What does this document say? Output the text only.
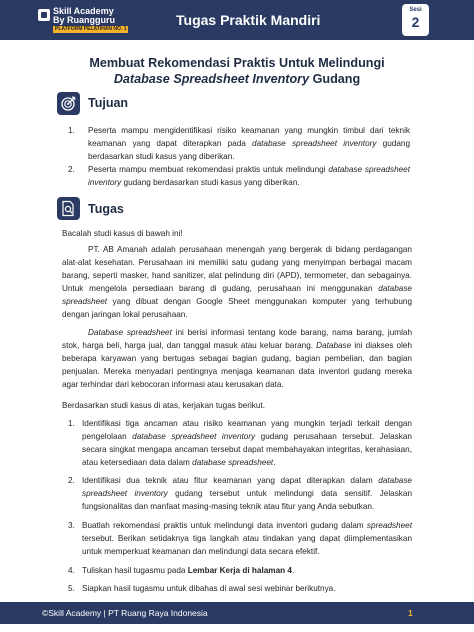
Skill Academy
By Ruangguru
PLATFORM PELATIHAN NO. 1
Tugas Praktik Mandiri
Sesi
2
Membuat Rekomendasi Praktis Untuk Melindungi Database Spreadsheet Inventory Gudang
Tujuan
1. Peserta mampu mengidentifikasi risiko keamanan yang mungkin timbul dari teknik keamanan yang dapat diterapkan pada database spreadsheet inventory gudang berdasarkan studi kasus yang diberikan.
2. Peserta mampu membuat rekomendasi praktis untuk melindungi database spreadsheet inventory gudang berdasarkan studi kasus yang diberikan.
Tugas
Bacalah studi kasus di bawah ini!
PT. AB Amanah adalah perusahaan menengah yang bergerak di bidang perdagangan alat-alat kesehatan. Perusahaan ini memiliki satu gudang yang menyimpan berbagai macam barang, seperti masker, hand sanitizer, alat pelindung diri (APD), termometer, dan sebagainya. Untuk mengelola persediaan barang di gudang, perusahaan ini menggunakan database spreadsheet yang dibuat dengan Google Sheet menggunakan komputer yang terhubung dengan jaringan lokal perusahaan.
Database spreadsheet ini berisi informasi tentang kode barang, nama barang, jumlah stok, harga beli, harga jual, dan tanggal masuk atau keluar barang. Database ini diakses oleh beberapa karyawan yang bertugas sebagai bagian gudang, bagian pembelian, dan bagian penjualan. Mereka menyadari pentingnya menjaga keamanan data inventori gudang mereka agar terhindar dari kebocoran informasi atau kerusakan data.
Berdasarkan studi kasus di atas, kerjakan tugas berikut.
1. Identifikasi tiga ancaman atau risiko keamanan yang mungkin terjadi terkait dengan pengelolaan database spreadsheet inventory gudang perusahaan tersebut. Jelaskan secara singkat mengapa ancaman tersebut dapat membahayakan integritas, kerahasiaan, atau ketersediaan data dalam database spreadsheet.
2. Identifikasi dua teknik atau fitur keamanan yang dapat diterapkan dalam database spreadsheet inventory gudang tersebut untuk melindungi data sensitif. Jelaskan fungsionalitas dan manfaat masing-masing teknik atau fitur yang Anda sebutkan.
3. Buatlah rekomendasi praktis untuk melindungi data inventori gudang dalam spreadsheet tersebut. Berikan setidaknya tiga langkah atau tindakan yang dapat diimplementasikan untuk memperkuat keamanan dan melindungi data secara efektif.
4. Tuliskan hasil tugasmu pada Lembar Kerja di halaman 4.
5. Siapkan hasil tugasmu untuk dibahas di awal sesi webinar berikutnya.
©Skill Academy | PT Ruang Raya Indonesia	1
